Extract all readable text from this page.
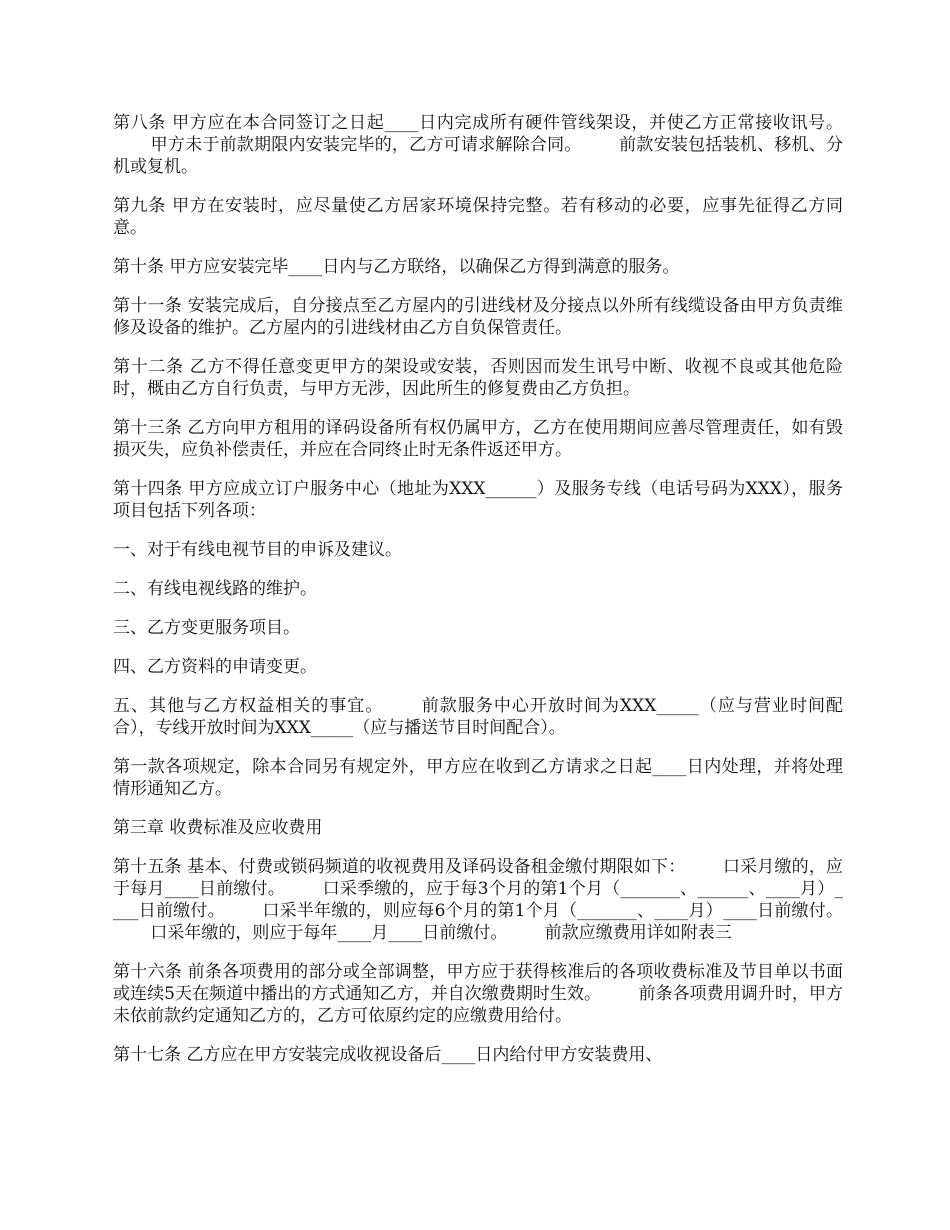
第八条 甲方应在本合同签订之日起____日内完成所有硬件管线架设，并使乙方正常接收讯号。甲方未于前款期限内安装完毕的，乙方可请求解除合同。 前款安装包括装机、移机、分机或复机。

第九条 甲方在安装时，应尽量使乙方居家环境保持完整。若有移动的必要，应事先征得乙方同意。

第十条 甲方应安装完毕____日内与乙方联络，以确保乙方得到满意的服务。

第十一条 安装完成后，自分接点至乙方屋内的引进线材及分接点以外所有线缆设备由甲方负责维修及设备的维护。乙方屋内的引进线材由乙方自负保管责任。

第十二条 乙方不得任意变更甲方的架设或安装，否则因而发生讯号中断、收视不良或其他危险时，概由乙方自行负责，与甲方无涉，因此所生的修复费由乙方负担。

第十三条 乙方向甲方租用的译码设备所有权仍属甲方，乙方在使用期间应善尽管理责任，如有毁损灭失，应负补偿责任，并应在合同终止时无条件返还甲方。

第十四条 甲方应成立订户服务中心（地址为XXX______）及服务专线（电话号码为XXX），服务项目包括下列各项：

一、对于有线电视节目的申诉及建议。

二、有线电视线路的维护。

三、乙方变更服务项目。

四、乙方资料的申请变更。

五、其他与乙方权益相关的事宜。 前款服务中心开放时间为XXX_____（应与营业时间配合），专线开放时间为XXX_____（应与播送节目时间配合）。

第一款各项规定，除本合同另有规定外，甲方应在收到乙方请求之日起____日内处理，并将处理情形通知乙方。

第三章 收费标准及应收费用

第十五条 基本、付费或锁码频道的收视费用及译码设备租金缴付期限如下： 口采月缴的，应于每月____日前缴付。 口采季缴的，应于每3个月的第1个月（_______、______、____月）____日前缴付。 口采半年缴的，则应每6个月的第1个月（_______、____月）____日前缴付。口采年缴的，则应于每年____月____日前缴付。 前款应缴费用详如附表三

第十六条 前条各项费用的部分或全部调整，甲方应于获得核准后的各项收费标准及节目单以书面或连续5天在频道中播出的方式通知乙方，并自次缴费期时生效。 前条各项费用调升时，甲方未依前款约定通知乙方的，乙方可依原约定的应缴费用给付。

第十七条 乙方应在甲方安装完成收视设备后____日内给付甲方安装费用、
